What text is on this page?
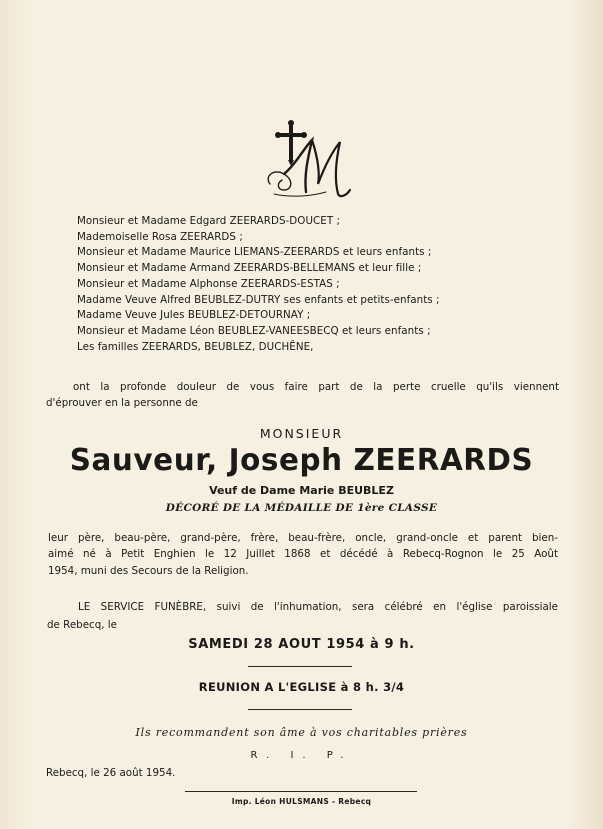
Monsieur et Madame Edgard ZEERARDS-DOUCET ;
Mademoiselle Rosa ZEERARDS ;
Monsieur et Madame Maurice LIEMANS-ZEERARDS et leurs enfants ;
Monsieur et Madame Armand ZEERARDS-BELLEMANS et leur fille ;
Monsieur et Madame Alphonse ZEERARDS-ESTAS ;
Madame Veuve Alfred BEUBLEZ-DUTRY ses enfants et petits-enfants ;
Madame Veuve Jules BEUBLEZ-DETOURNAY ;
Monsieur et Madame Léon BEUBLEZ-VANEESBECQ et leurs enfants ;
Les familles ZEERARDS, BEUBLEZ, DUCHÊNE,
ont la profonde douleur de vous faire part de la perte cruelle qu'ils viennent
d'éprouver en la personne de
MONSIEUR
Sauveur, Joseph ZEERARDS
Veuf de Dame Marie BEUBLEZ
DÉCORÉ DE LA MÉDAILLE DE 1ère CLASSE
leur père, beau-père, grand-père, frère, beau-frère, oncle, grand-oncle et parent bien-
aimé né à Petit Enghien le 12 Juillet 1868 et décédé à Rebecq-Rognon le 25 Août
1954, muni des Secours de la Religion.
LE SERVICE FUNÈBRE, suivi de l'inhumation, sera célébré en l'église paroissiale
de Rebecq, le
SAMEDI 28 AOUT 1954 à 9 h.
REUNION A L'EGLISE à 8 h. 3/4
Ils recommandent son âme à vos charitables prières
R. I. P.
Rebecq, le 26 août 1954.
Imp. Léon HULSMANS - Rebecq
